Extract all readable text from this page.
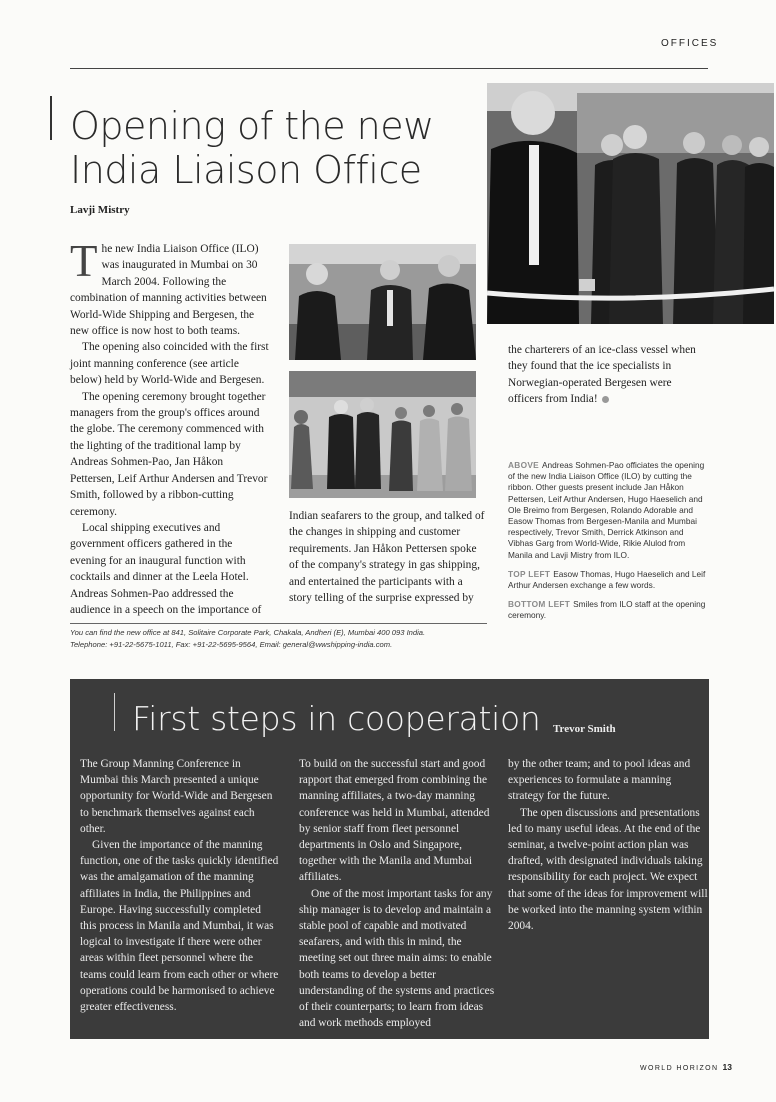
OFFICES
Opening of the new India Liaison Office
Lavji Mistry

The new India Liaison Office (ILO) was inaugurated in Mumbai on 30 March 2004. Following the combination of manning activities between World-Wide Shipping and Bergesen, the new office is now host to both teams.

The opening also coincided with the first joint manning conference (see article below) held by World-Wide and Bergesen.

The opening ceremony brought together managers from the group's offices around the globe. The ceremony commenced with the lighting of the traditional lamp by Andreas Sohmen-Pao, Jan Håkon Pettersen, Leif Arthur Andersen and Trevor Smith, followed by a ribbon-cutting ceremony.

Local shipping executives and government officers gathered in the evening for an inaugural function with cocktails and dinner at the Leela Hotel. Andreas Sohmen-Pao addressed the audience in a speech on the importance of

Indian seafarers to the group, and talked of the changes in shipping and customer requirements. Jan Håkon Pettersen spoke of the company's strategy in gas shipping, and entertained the participants with a story telling of the surprise expressed by

the charterers of an ice-class vessel when they found that the ice specialists in Norwegian-operated Bergesen were officers from India!

ABOVE Andreas Sohmen-Pao officiates the opening of the new India Liaison Office (ILO) by cutting the ribbon. Other guests present include Jan Håkon Pettersen, Leif Arthur Andersen, Hugo Haeselich and Ole Breimo from Bergesen, Rolando Adorable and Easow Thomas from Bergesen-Manila and Mumbai respectively, Trevor Smith, Derrick Atkinson and Vibhas Garg from World-Wide, Rikie Alulod from Manila and Lavji Mistry from ILO.

TOP LEFT Easow Thomas, Hugo Haeselich and Leif Arthur Andersen exchange a few words.

BOTTOM LEFT Smiles from ILO staff at the opening ceremony.

You can find the new office at 841, Solitaire Corporate Park, Chakala, Andheri (E), Mumbai 400 093 India.
Telephone: +91-22-5675-1011, Fax: +91-22-5695-9564, Email: general@wwshipping-india.com.
First steps in cooperation Trevor Smith

The Group Manning Conference in Mumbai this March presented a unique opportunity for World-Wide and Bergesen to benchmark themselves against each other.

Given the importance of the manning function, one of the tasks quickly identified was the amalgamation of the manning affiliates in India, the Philippines and Europe. Having successfully completed this process in Manila and Mumbai, it was logical to investigate if there were other areas within fleet personnel where the teams could learn from each other or where operations could be harmonised to achieve greater effectiveness.

To build on the successful start and good rapport that emerged from combining the manning affiliates, a two-day manning conference was held in Mumbai, attended by senior staff from fleet personnel departments in Oslo and Singapore, together with the Manila and Mumbai affiliates.

One of the most important tasks for any ship manager is to develop and maintain a stable pool of capable and motivated seafarers, and with this in mind, the meeting set out three main aims: to enable both teams to develop a better understanding of the systems and practices of their counterparts; to learn from ideas and work methods employed

by the other team; and to pool ideas and experiences to formulate a manning strategy for the future.

The open discussions and presentations led to many useful ideas. At the end of the seminar, a twelve-point action plan was drafted, with designated individuals taking responsibility for each project. We expect that some of the ideas for improvement will be worked into the manning system within 2004.

WORLD HORIZON 13
